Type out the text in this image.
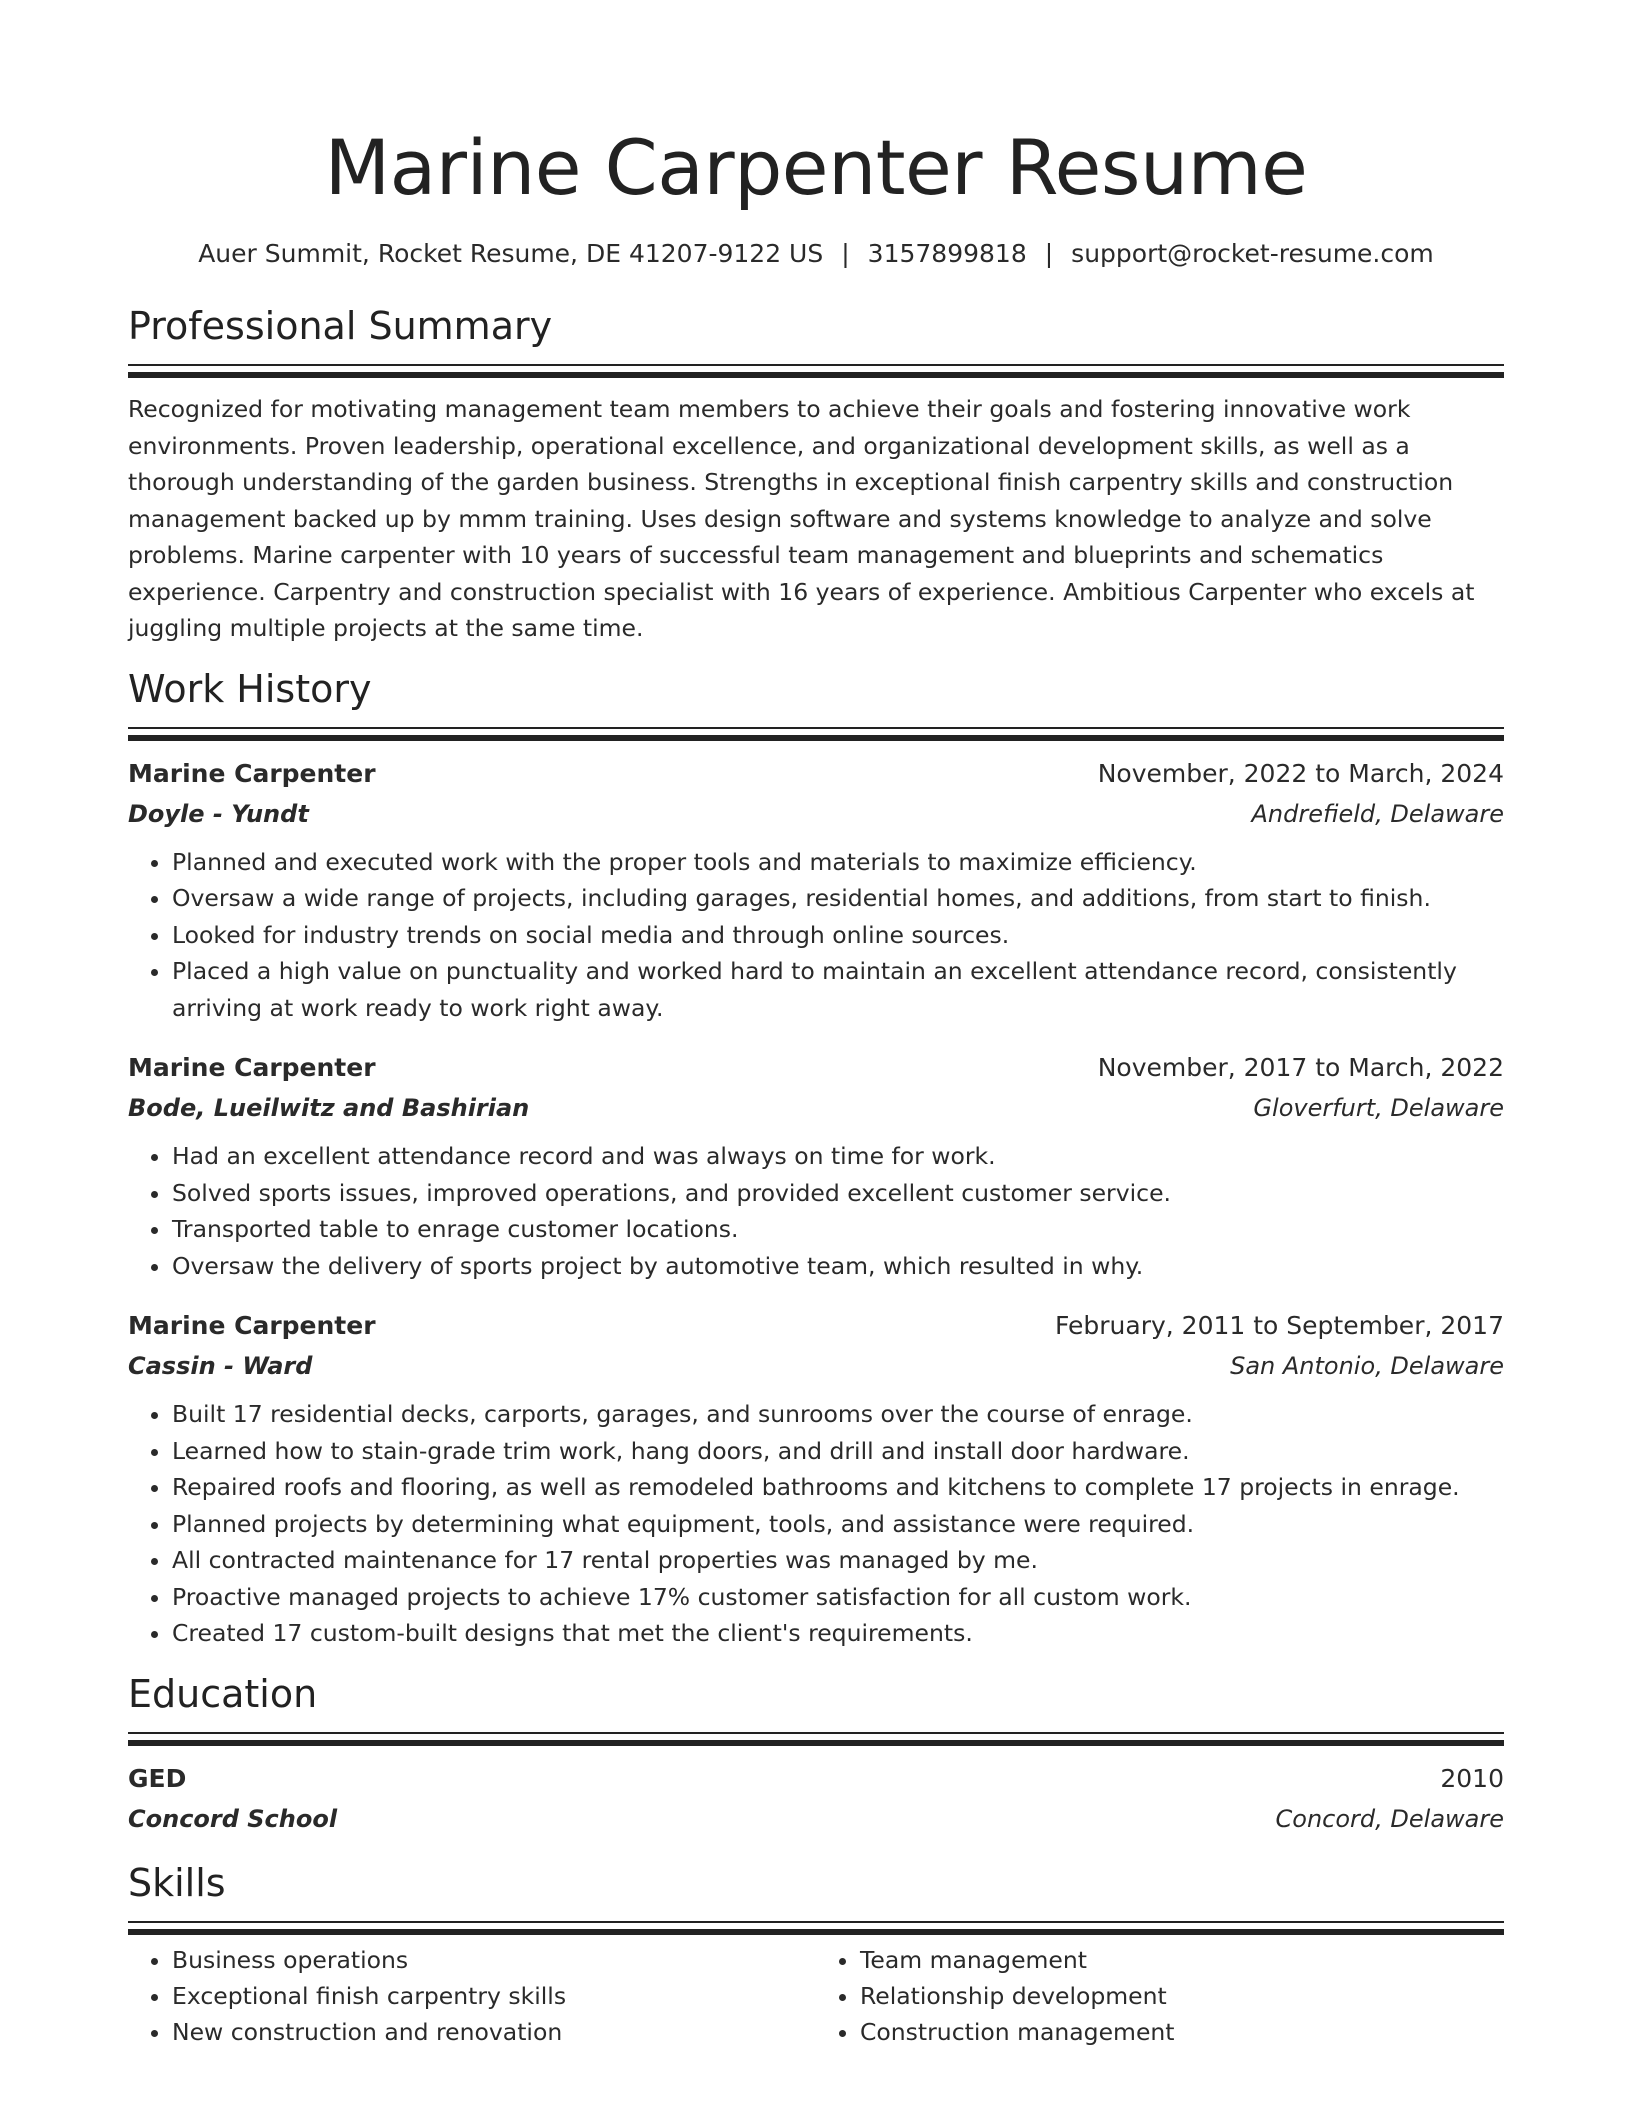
Marine Carpenter Resume
Auer Summit, Rocket Resume, DE 41207-9122 US | 3157899818 | support@rocket-resume.com
Professional Summary
Recognized for motivating management team members to achieve their goals and fostering innovative work environments. Proven leadership, operational excellence, and organizational development skills, as well as a thorough understanding of the garden business. Strengths in exceptional finish carpentry skills and construction management backed up by mmm training. Uses design software and systems knowledge to analyze and solve problems. Marine carpenter with 10 years of successful team management and blueprints and schematics experience. Carpentry and construction specialist with 16 years of experience. Ambitious Carpenter who excels at juggling multiple projects at the same time.
Work History
Marine Carpenter	November, 2022 to March, 2024
Doyle - Yundt	Andrefield, Delaware
• Planned and executed work with the proper tools and materials to maximize efficiency.
• Oversaw a wide range of projects, including garages, residential homes, and additions, from start to finish.
• Looked for industry trends on social media and through online sources.
• Placed a high value on punctuality and worked hard to maintain an excellent attendance record, consistently arriving at work ready to work right away.
Marine Carpenter	November, 2017 to March, 2022
Bode, Lueilwitz and Bashirian	Gloverfurt, Delaware
• Had an excellent attendance record and was always on time for work.
• Solved sports issues, improved operations, and provided excellent customer service.
• Transported table to enrage customer locations.
• Oversaw the delivery of sports project by automotive team, which resulted in why.
Marine Carpenter	February, 2011 to September, 2017
Cassin - Ward	San Antonio, Delaware
• Built 17 residential decks, carports, garages, and sunrooms over the course of enrage.
• Learned how to stain-grade trim work, hang doors, and drill and install door hardware.
• Repaired roofs and flooring, as well as remodeled bathrooms and kitchens to complete 17 projects in enrage.
• Planned projects by determining what equipment, tools, and assistance were required.
• All contracted maintenance for 17 rental properties was managed by me.
• Proactive managed projects to achieve 17% customer satisfaction for all custom work.
• Created 17 custom-built designs that met the client's requirements.
Education
GED	2010
Concord School	Concord, Delaware
Skills
• Business operations
• Exceptional finish carpentry skills
• New construction and renovation
• Team management
• Relationship development
• Construction management
